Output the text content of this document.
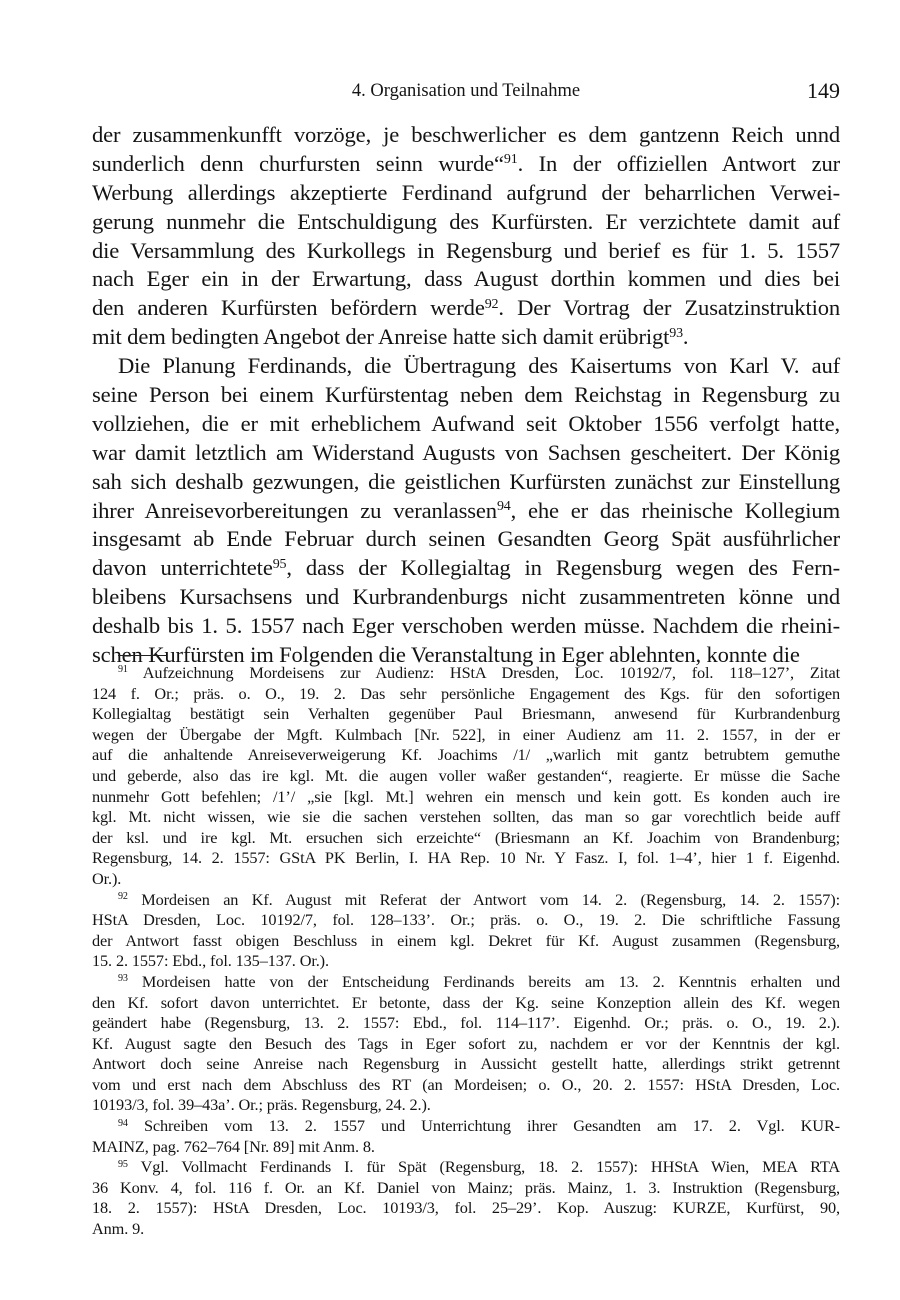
4. Organisation und Teilnahme	149
der zusammenkunfft vorzöge, je beschwerlicher es dem gantzenn Reich unnd
sunderlich denn churfursten seinn wurde“$^{91}$. In der offiziellen Antwort zur
Werbung allerdings akzeptierte Ferdinand aufgrund der beharrlichen Verwei-
gerung nunmehr die Entschuldigung des Kurfürsten. Er verzichtete damit auf
die Versammlung des Kurkollegs in Regensburg und berief es für 1. 5. 1557
nach Eger ein in der Erwartung, dass August dorthin kommen und dies bei
den anderen Kurfürsten befördern werde$^{92}$. Der Vortrag der Zusatzinstruktion
mit dem bedingten Angebot der Anreise hatte sich damit erübrigt$^{93}$.
Die Planung Ferdinands, die Übertragung des Kaisertums von Karl V. auf
seine Person bei einem Kurfürstentag neben dem Reichstag in Regensburg zu
vollziehen, die er mit erheblichem Aufwand seit Oktober 1556 verfolgt hatte,
war damit letztlich am Widerstand Augusts von Sachsen gescheitert. Der König
sah sich deshalb gezwungen, die geistlichen Kurfürsten zunächst zur Einstellung
ihrer Anreisevorbereitungen zu veranlassen$^{94}$, ehe er das rheinische Kollegium
insgesamt ab Ende Februar durch seinen Gesandten Georg Spät ausführlicher
davon unterrichtete$^{95}$, dass der Kollegialtag in Regensburg wegen des Fern-
bleibens Kursachsens und Kurbrandenburgs nicht zusammentreten könne und
deshalb bis 1. 5. 1557 nach Eger verschoben werden müsse. Nachdem die rheini-
schen Kurfürsten im Folgenden die Veranstaltung in Eger ablehnten, konnte die
$^{91}$ Aufzeichnung Mordeisens zur Audienz: HStA Dresden, Loc. 10192/7, fol. 118–127’, Zitat
124 f. Or.; präs. o. O., 19. 2. Das sehr persönliche Engagement des Kgs. für den sofortigen
Kollegialtag bestätigt sein Verhalten gegenüber Paul Briesmann, anwesend für Kurbrandenburg
wegen der Übergabe der Mgft. Kulmbach [Nr. 522], in einer Audienz am 11. 2. 1557, in der er
auf die anhaltende Anreiseverweigerung Kf. Joachims /1/ „warlich mit gantz betrubtem gemuthe
und geberde, also das ire kgl. Mt. die augen voller waßer gestanden“, reagierte. Er müsse die Sache
nunmehr Gott befehlen; /1’/ „sie [kgl. Mt.] wehren ein mensch und kein gott. Es konden auch ire
kgl. Mt. nicht wissen, wie sie die sachen verstehen sollten, das man so gar vorechtlich beide auff
der ksl. und ire kgl. Mt. ersuchen sich erzeichte“ (Briesmann an Kf. Joachim von Brandenburg;
Regensburg, 14. 2. 1557: GStA PK Berlin, I. HA Rep. 10 Nr. Y Fasz. I, fol. 1–4’, hier 1 f. Eigenhd.
Or.).
$^{92}$ Mordeisen an Kf. August mit Referat der Antwort vom 14. 2. (Regensburg, 14. 2. 1557):
HStA Dresden, Loc. 10192/7, fol. 128–133’. Or.; präs. o. O., 19. 2. Die schriftliche Fassung
der Antwort fasst obigen Beschluss in einem kgl. Dekret für Kf. August zusammen (Regensburg,
15. 2. 1557: Ebd., fol. 135–137. Or.).
$^{93}$ Mordeisen hatte von der Entscheidung Ferdinands bereits am 13. 2. Kenntnis erhalten und
den Kf. sofort davon unterrichtet. Er betonte, dass der Kg. seine Konzeption allein des Kf. wegen
geändert habe (Regensburg, 13. 2. 1557: Ebd., fol. 114–117’. Eigenhd. Or.; präs. o. O., 19. 2.).
Kf. August sagte den Besuch des Tags in Eger sofort zu, nachdem er vor der Kenntnis der kgl.
Antwort doch seine Anreise nach Regensburg in Aussicht gestellt hatte, allerdings strikt getrennt
vom und erst nach dem Abschluss des RT (an Mordeisen; o. O., 20. 2. 1557: HStA Dresden, Loc.
10193/3, fol. 39–43a’. Or.; präs. Regensburg, 24. 2.).
$^{94}$ Schreiben vom 13. 2. 1557 und Unterrichtung ihrer Gesandten am 17. 2. Vgl. KUR-
MAINZ, pag. 762–764 [Nr. 89] mit Anm. 8.
$^{95}$ Vgl. Vollmacht Ferdinands I. für Spät (Regensburg, 18. 2. 1557): HHStA Wien, MEA RTA
36 Konv. 4, fol. 116 f. Or. an Kf. Daniel von Mainz; präs. Mainz, 1. 3. Instruktion (Regensburg,
18. 2. 1557): HStA Dresden, Loc. 10193/3, fol. 25–29’. Kop. Auszug: KURZE, Kurfürst, 90,
Anm. 9.
